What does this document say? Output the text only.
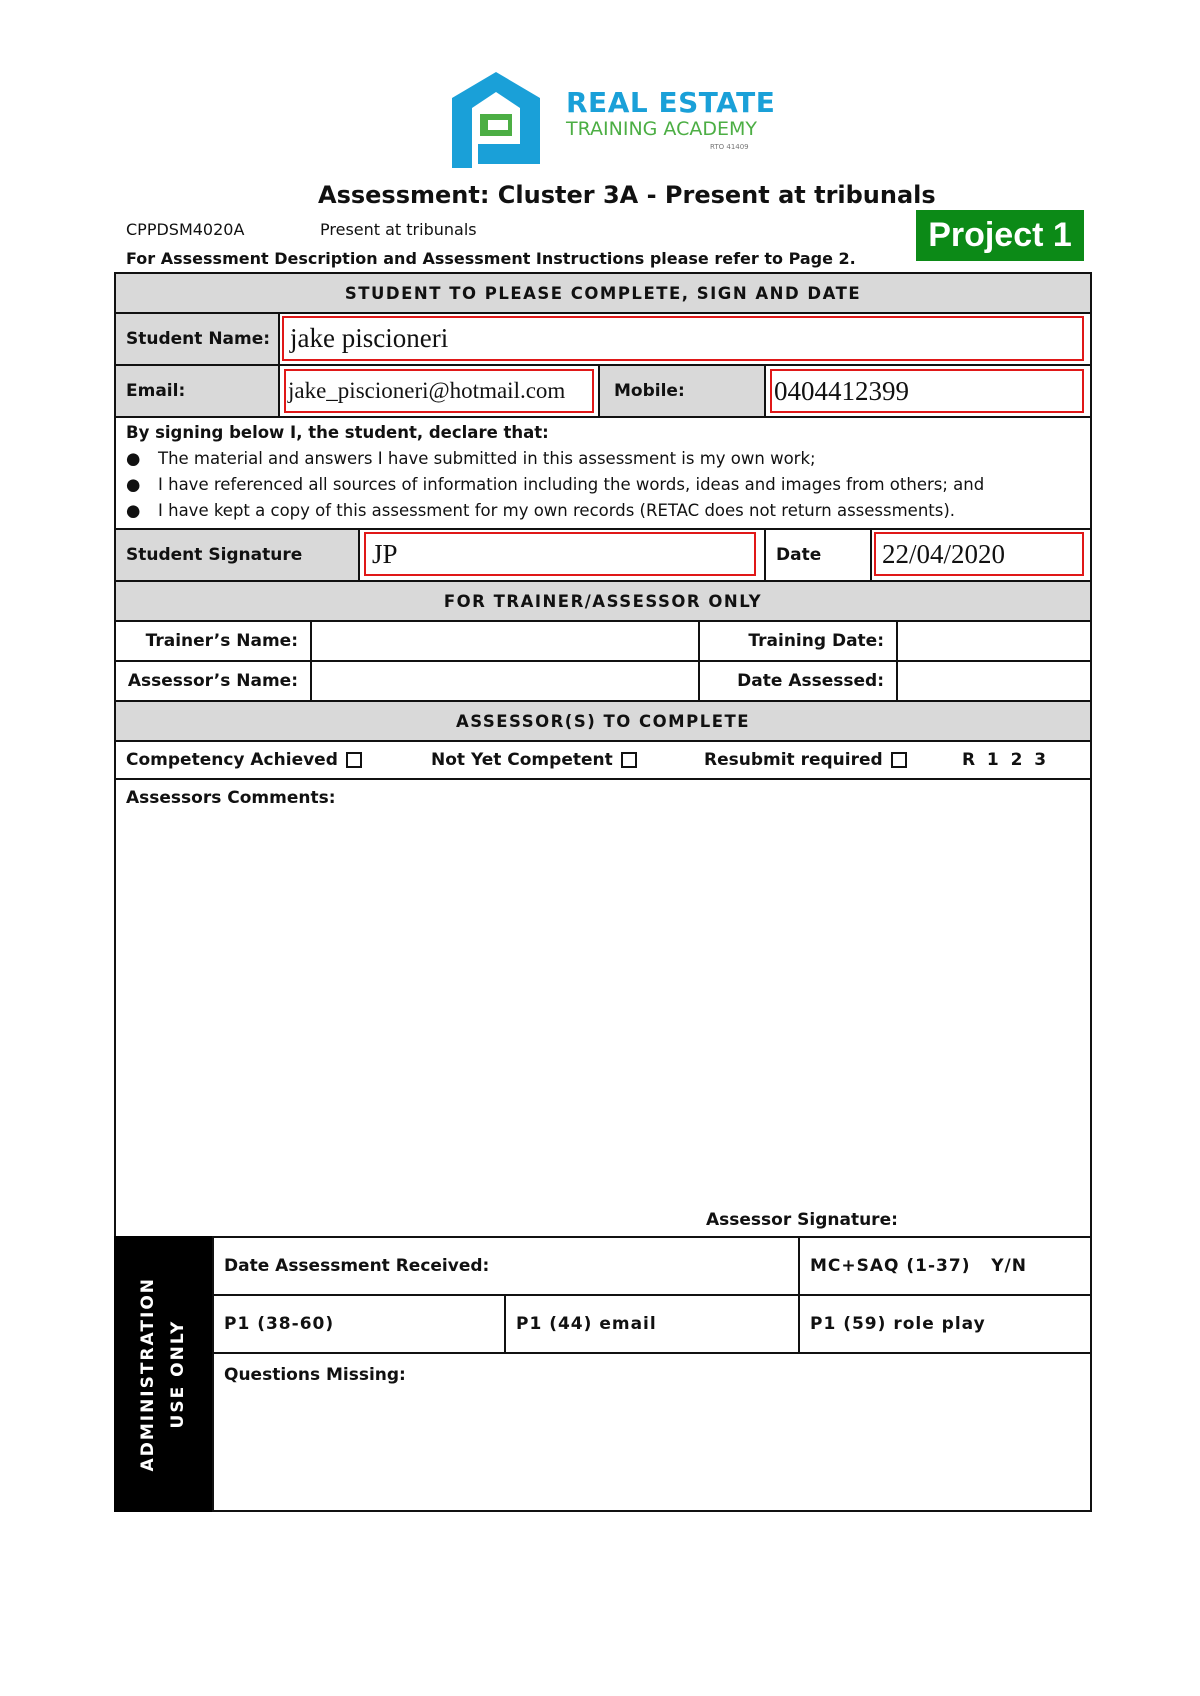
REAL ESTATE
TRAINING ACADEMY
RTO 41409
Assessment: Cluster 3A - Present at tribunals
CPPDSM4020A	Present at tribunals
For Assessment Description and Assessment Instructions please refer to Page 2.
Project 1
STUDENT TO PLEASE COMPLETE, SIGN AND DATE
Student Name: jake piscioneri
Email:	jake_piscioneri@hotmail.com	Mobile:	0404412399
By signing below I, the student, declare that:
●	The material and answers I have submitted in this assessment is my own work;
●	I have referenced all sources of information including the words, ideas and images from others; and
●	I have kept a copy of this assessment for my own records (RETAC does not return assessments).
Student Signature	JP	Date	22/04/2020
FOR TRAINER/ASSESSOR ONLY
Trainer’s Name:	Training Date:
Assessor’s Name:	Date Assessed:
ASSESSOR(S) TO COMPLETE
Competency Achieved	Not Yet Competent	Resubmit required	R  1  2  3
Assessors Comments:
Assessor Signature:
ADMINISTRATION USE ONLY
Date Assessment Received:	MC+SAQ (1-37)   Y/N
P1 (38-60)	P1 (44) email	P1 (59) role play
Questions Missing:
